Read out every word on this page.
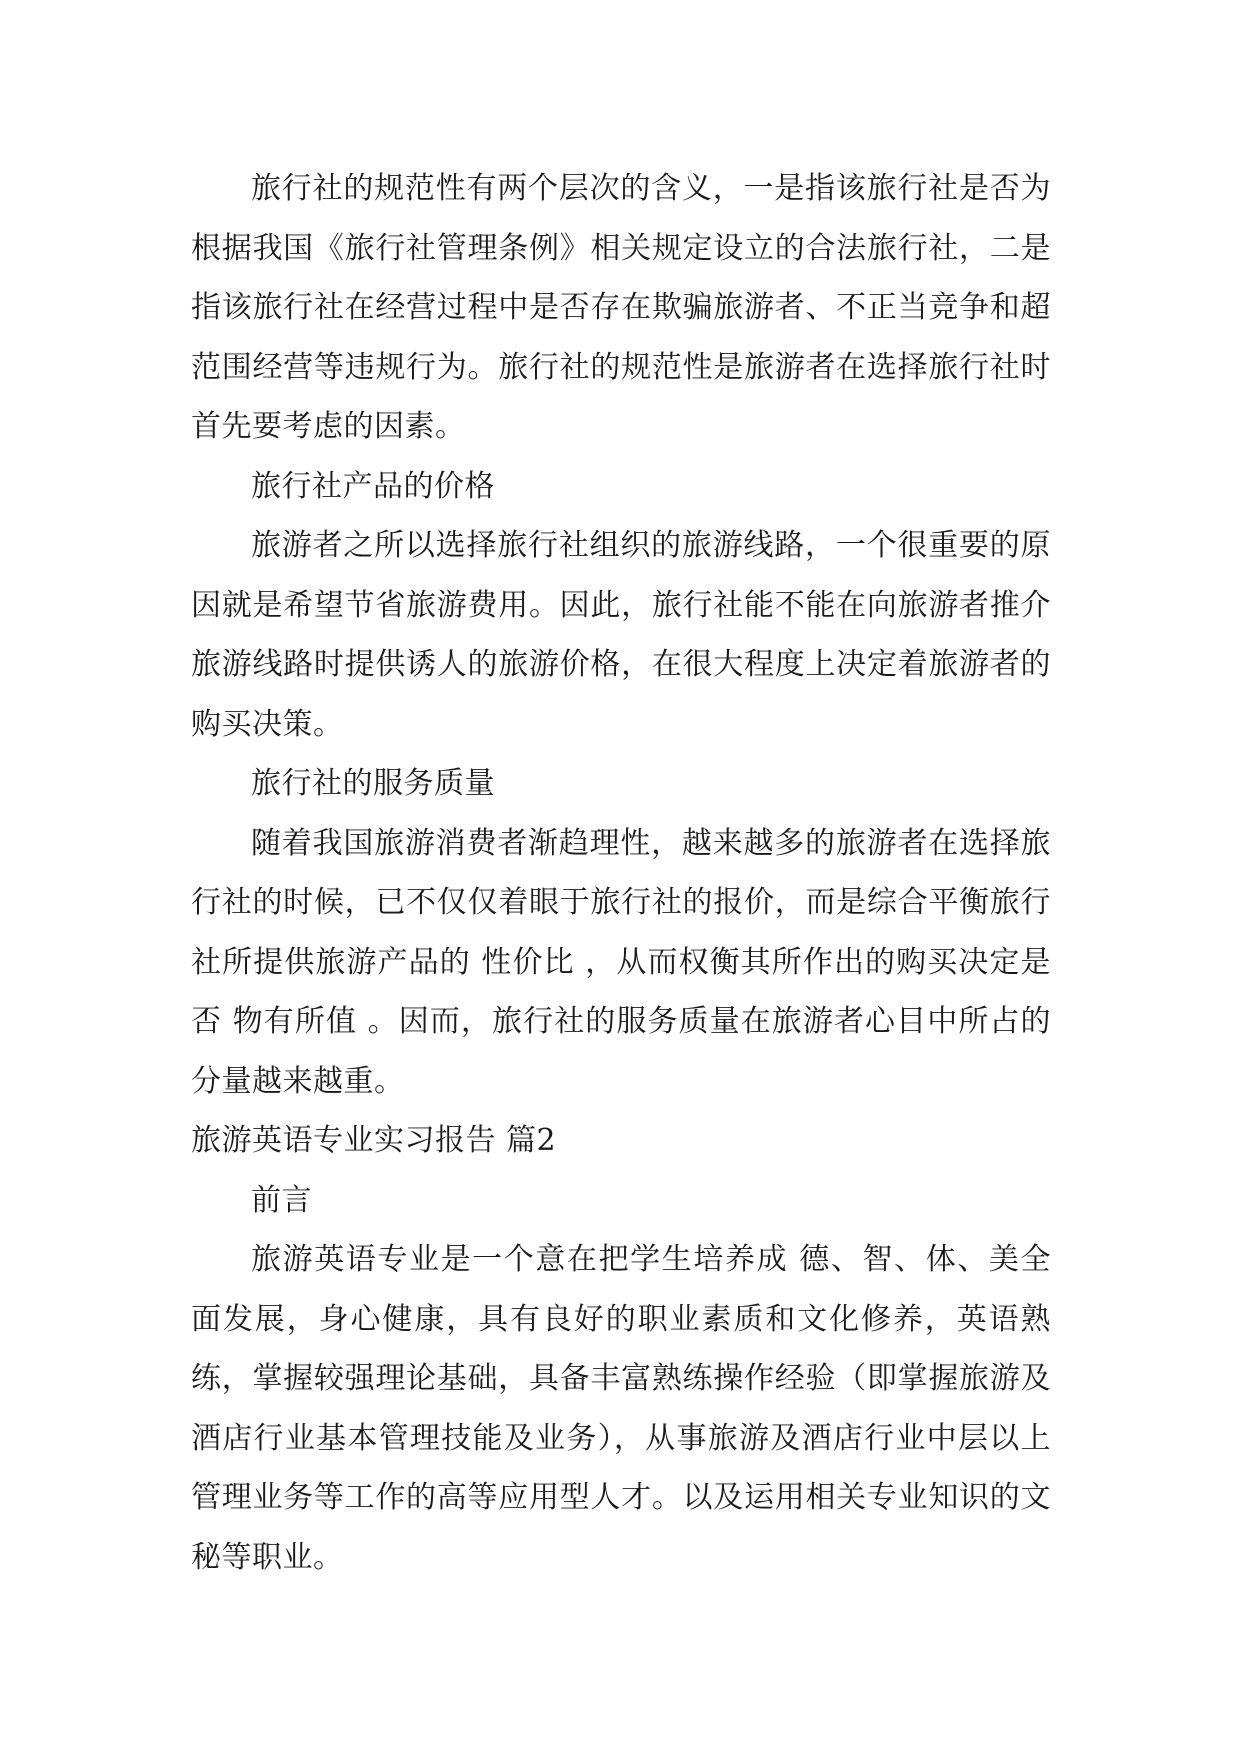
旅行社的规范性有两个层次的含义，一是指该旅行社是否为根据我国《旅行社管理条例》相关规定设立的合法旅行社，二是指该旅行社在经营过程中是否存在欺骗旅游者、不正当竞争和超范围经营等违规行为。旅行社的规范性是旅游者在选择旅行社时首先要考虑的因素。

旅行社产品的价格

旅游者之所以选择旅行社组织的旅游线路，一个很重要的原因就是希望节省旅游费用。因此，旅行社能不能在向旅游者推介旅游线路时提供诱人的旅游价格，在很大程度上决定着旅游者的购买决策。

旅行社的服务质量

随着我国旅游消费者渐趋理性，越来越多的旅游者在选择旅行社的时候，已不仅仅着眼于旅行社的报价，而是综合平衡旅行社所提供旅游产品的 性价比 ，从而权衡其所作出的购买决定是否 物有所值 。因而，旅行社的服务质量在旅游者心目中所占的分量越来越重。

旅游英语专业实习报告 篇2

前言

旅游英语专业是一个意在把学生培养成 德、智、体、美全面发展，身心健康，具有良好的职业素质和文化修养，英语熟练，掌握较强理论基础，具备丰富熟练操作经验（即掌握旅游及酒店行业基本管理技能及业务），从事旅游及酒店行业中层以上管理业务等工作的高等应用型人才。以及运用相关专业知识的文秘等职业。
